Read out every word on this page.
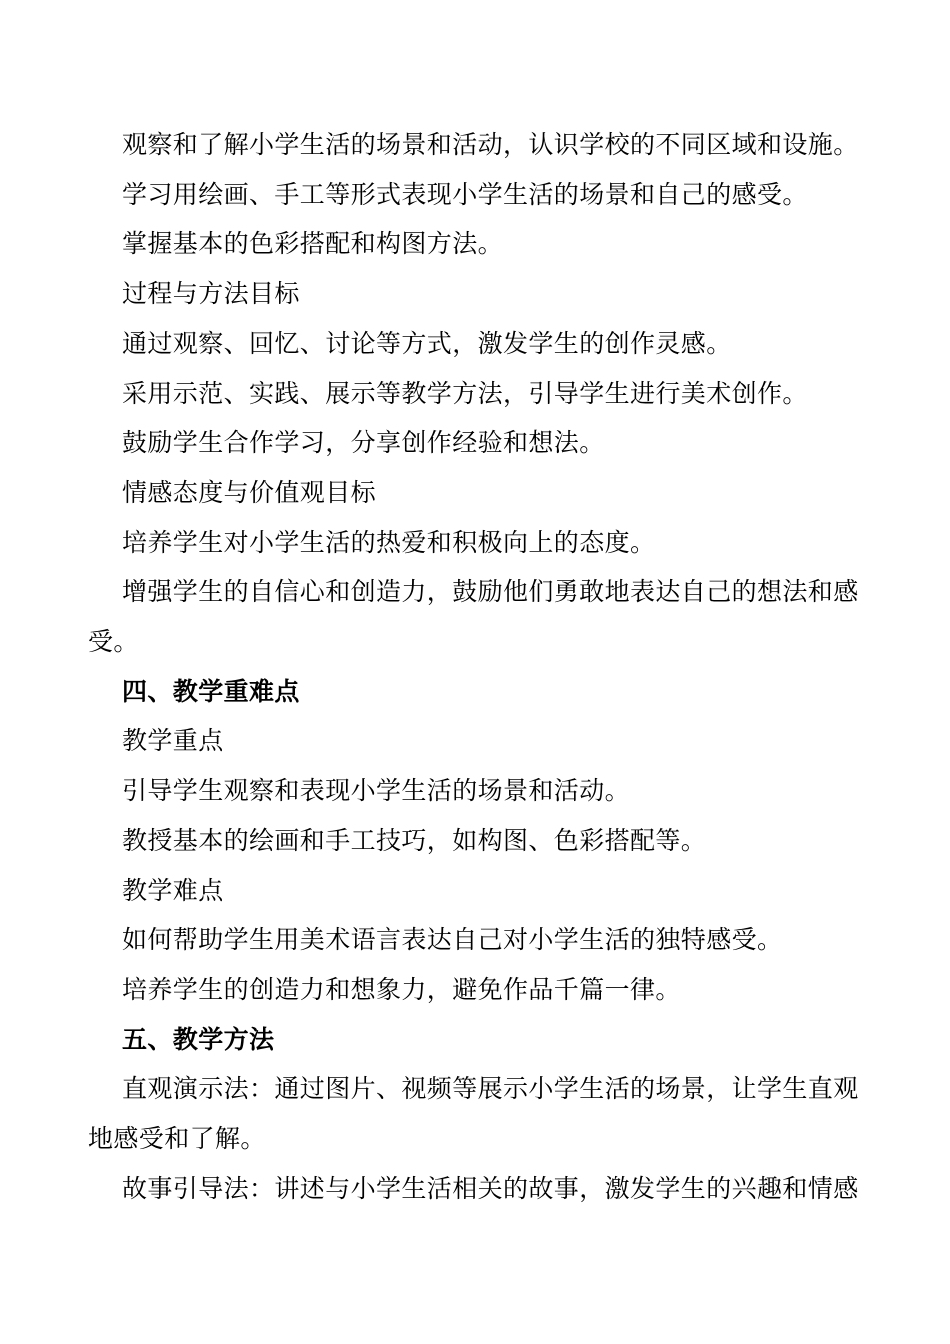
观察和了解小学生活的场景和活动，认识学校的不同区域和设施。

学习用绘画、手工等形式表现小学生活的场景和自己的感受。

掌握基本的色彩搭配和构图方法。

过程与方法目标

通过观察、回忆、讨论等方式，激发学生的创作灵感。

采用示范、实践、展示等教学方法，引导学生进行美术创作。

鼓励学生合作学习，分享创作经验和想法。

情感态度与价值观目标

培养学生对小学生活的热爱和积极向上的态度。

增强学生的自信心和创造力，鼓励他们勇敢地表达自己的想法和感受。

四、教学重难点

教学重点

引导学生观察和表现小学生活的场景和活动。

教授基本的绘画和手工技巧，如构图、色彩搭配等。

教学难点

如何帮助学生用美术语言表达自己对小学生活的独特感受。

培养学生的创造力和想象力，避免作品千篇一律。

五、教学方法

直观演示法：通过图片、视频等展示小学生活的场景，让学生直观地感受和了解。

故事引导法：讲述与小学生活相关的故事，激发学生的兴趣和情感
